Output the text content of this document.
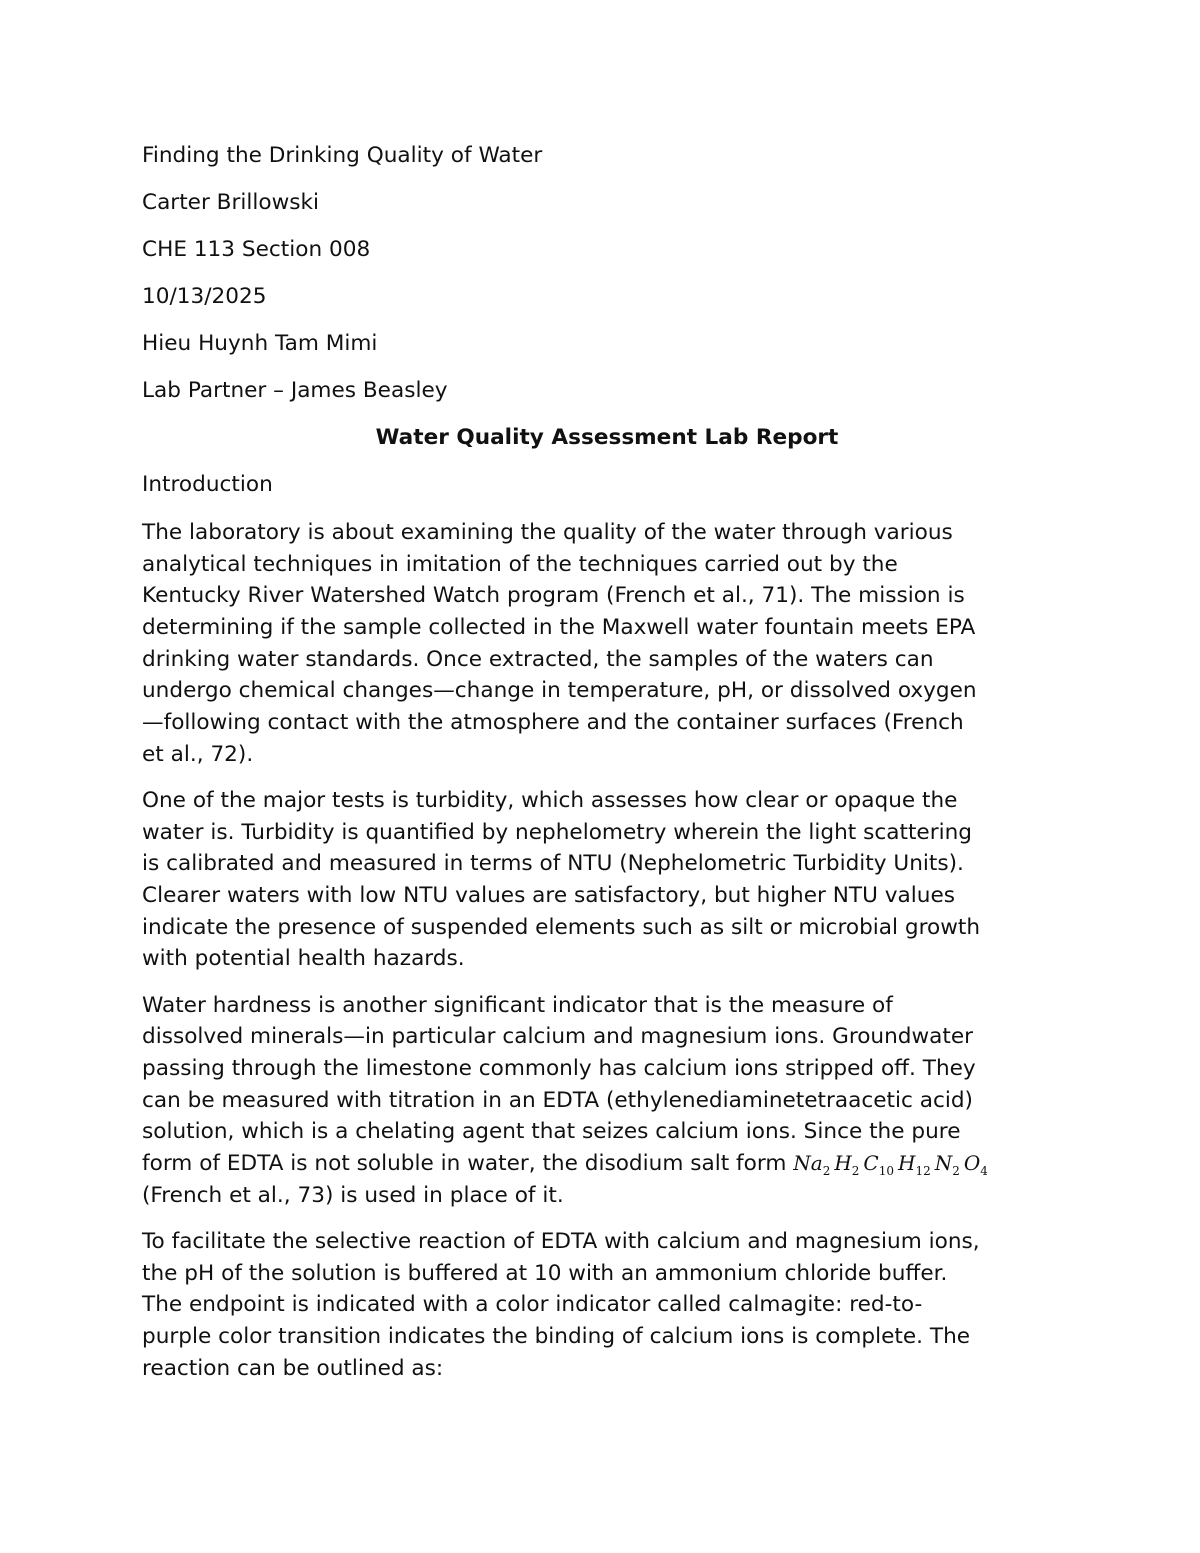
Finding the Drinking Quality of Water
Carter Brillowski
CHE 113 Section 008
10/13/2025
Hieu Huynh Tam Mimi
Lab Partner – James Beasley
Water Quality Assessment Lab Report
Introduction
The laboratory is about examining the quality of the water through various
analytical techniques in imitation of the techniques carried out by the
Kentucky River Watershed Watch program (French et al., 71). The mission is
determining if the sample collected in the Maxwell water fountain meets EPA
drinking water standards. Once extracted, the samples of the waters can
undergo chemical changes—change in temperature, pH, or dissolved oxygen
—following contact with the atmosphere and the container surfaces (French
et al., 72).
One of the major tests is turbidity, which assesses how clear or opaque the
water is. Turbidity is quantified by nephelometry wherein the light scattering
is calibrated and measured in terms of NTU (Nephelometric Turbidity Units).
Clearer waters with low NTU values are satisfactory, but higher NTU values
indicate the presence of suspended elements such as silt or microbial growth
with potential health hazards.
Water hardness is another significant indicator that is the measure of
dissolved minerals—in particular calcium and magnesium ions. Groundwater
passing through the limestone commonly has calcium ions stripped off. They
can be measured with titration in an EDTA (ethylenediaminetetraacetic acid)
solution, which is a chelating agent that seizes calcium ions. Since the pure
form of EDTA is not soluble in water, the disodium salt form $Na_2$ $H_2$ $C_{10}$ $H_{12}$ $N_2$ $O_4$
(French et al., 73) is used in place of it.
To facilitate the selective reaction of EDTA with calcium and magnesium ions,
the pH of the solution is buffered at 10 with an ammonium chloride buffer.
The endpoint is indicated with a color indicator called calmagite: red-to-
purple color transition indicates the binding of calcium ions is complete. The
reaction can be outlined as:
